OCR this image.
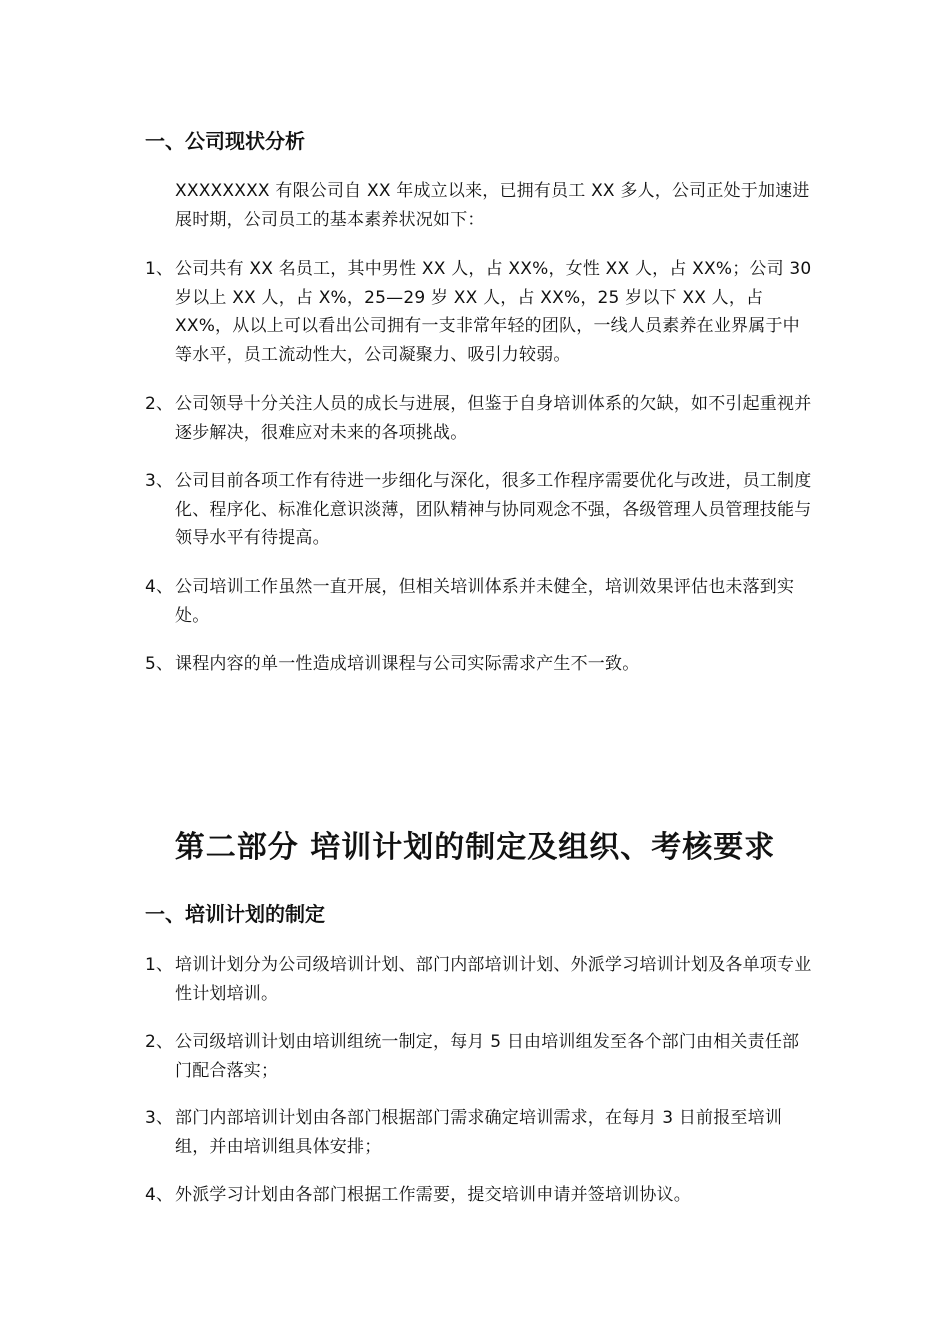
一、公司现状分析

XXXXXXXX 有限公司自 XX 年成立以来，已拥有员工 XX 多人，公司正处于加速进展时期，公司员工的基本素养状况如下：

1、 公司共有 XX 名员工，其中男性 XX 人，占 XX%，女性 XX 人，占 XX%；公司 30 岁以上 XX 人，占 X%，25—29 岁 XX 人，占 XX%，25 岁以下 XX 人，占 XX%，从以上可以看出公司拥有一支非常年轻的团队，一线人员素养在业界属于中等水平，员工流动性大，公司凝聚力、吸引力较弱。
2、 公司领导十分关注人员的成长与进展，但鉴于自身培训体系的欠缺，如不引起重视并逐步解决，很难应对未来的各项挑战。
3、 公司目前各项工作有待进一步细化与深化，很多工作程序需要优化与改进，员工制度化、程序化、标准化意识淡薄，团队精神与协同观念不强，各级管理人员管理技能与领导水平有待提高。
4、 公司培训工作虽然一直开展，但相关培训体系并未健全，培训效果评估也未落到实处。
5、 课程内容的单一性造成培训课程与公司实际需求产生不一致。
第二部分 培训计划的制定及组织、考核要求
一、培训计划的制定
1、 培训计划分为公司级培训计划、部门内部培训计划、外派学习培训计划及各单项专业性计划培训。
2、 公司级培训计划由培训组统一制定，每月 5 日由培训组发至各个部门由相关责任部门配合落实；
3、 部门内部培训计划由各部门根据部门需求确定培训需求，在每月 3 日前报至培训组，并由培训组具体安排；
4、 外派学习计划由各部门根据工作需要，提交培训申请并签培训协议。
